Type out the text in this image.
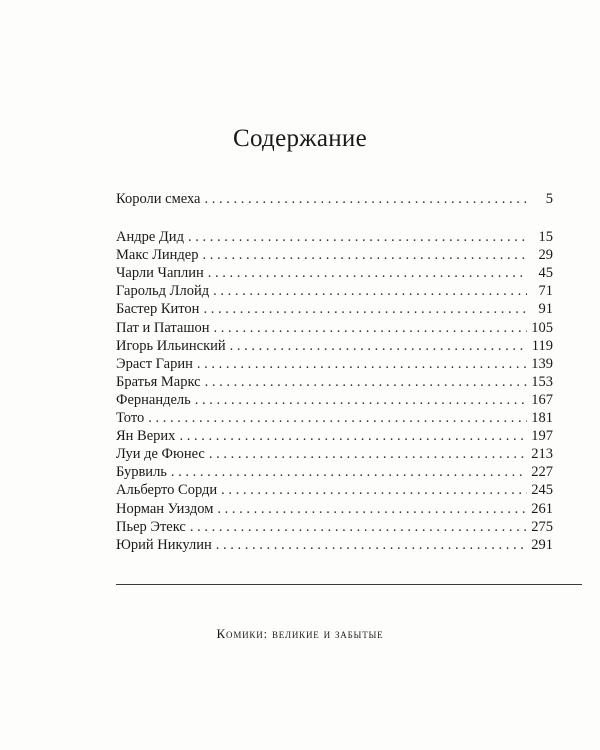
Содержание
Короли смеха . . .	5
Андре Дид . . .	15
Макс Линдер . . .	29
Чарли Чаплин . . .	45
Гарольд Ллойд . . .	71
Бастер Китон . . .	91
Пат и Паташон . . .	105
Игорь Ильинский . . .	119
Эраст Гарин . . .	139
Братья Маркс . . .	153
Фернандель . . .	167
Тото . . .	181
Ян Верих . . .	197
Луи де Фюнес . . .	213
Бурвиль . . .	227
Альберто Сорди . . .	245
Норман Уиздом . . .	261
Пьер Этекс . . .	275
Юрий Никулин . . .	291
Комики: великие и забытые
